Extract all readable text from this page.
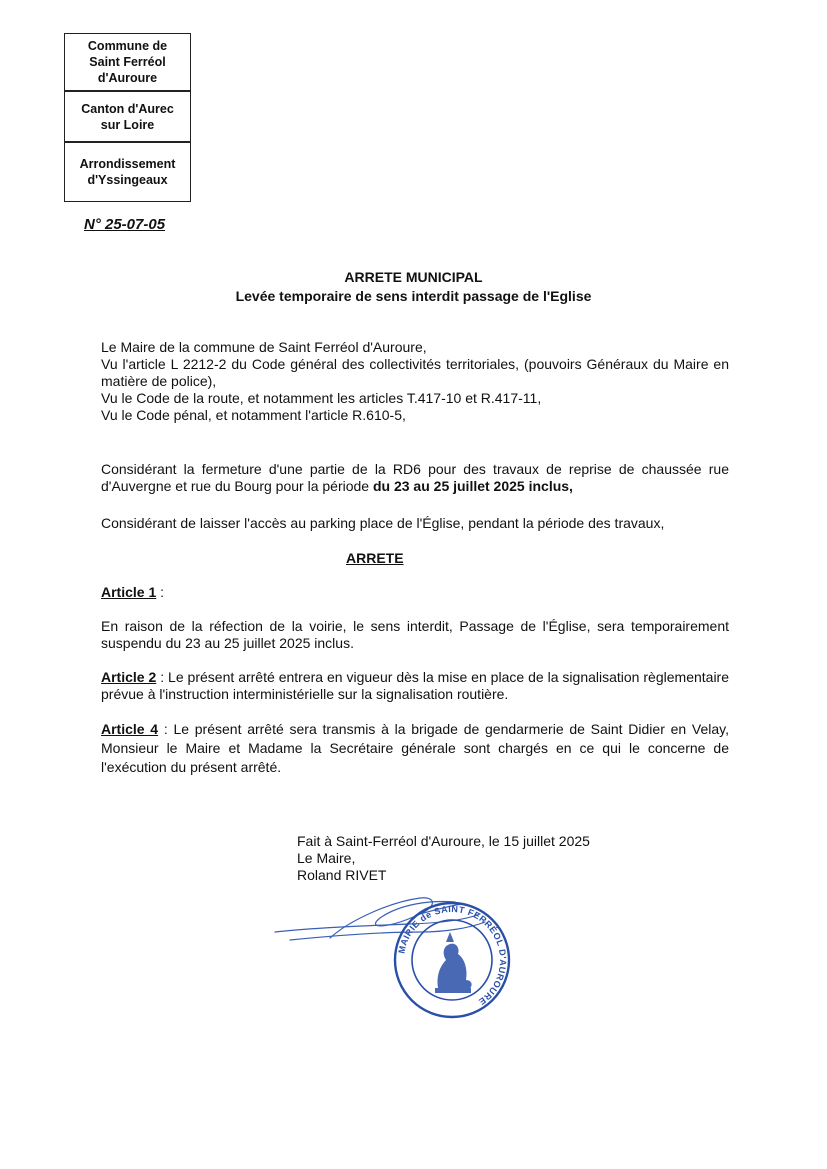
Commune de
Saint Ferréol
d'Auroure
Canton d'Aurec
sur Loire
Arrondissement
d'Yssingeaux
N° 25-07-05
ARRETE MUNICIPAL
Levée temporaire de sens interdit passage de l'Eglise
Le Maire de la commune de Saint Ferréol d'Auroure,
Vu l'article L 2212-2 du Code général des collectivités territoriales, (pouvoirs Généraux du Maire en matière de police),
Vu le Code de la route, et notamment les articles T.417-10 et R.417-11,
Vu le Code pénal, et notamment l'article R.610-5,
Considérant la fermeture d'une partie de la RD6 pour des travaux de reprise de chaussée rue d'Auvergne et rue du Bourg pour la période du 23 au 25 juillet 2025 inclus,
Considérant de laisser l'accès au parking place de l'Église, pendant la période des travaux,
ARRETE
Article 1 :
En raison de la réfection de la voirie, le sens interdit, Passage de l'Église, sera temporairement suspendu du 23 au 25 juillet 2025 inclus.
Article 2 : Le présent arrêté entrera en vigueur dès la mise en place de la signalisation règlementaire prévue à l'instruction interministérielle sur la signalisation routière.
Article 4 : Le présent arrêté sera transmis à la brigade de gendarmerie de Saint Didier en Velay, Monsieur le Maire et Madame la Secrétaire générale sont chargés en ce qui le concerne de l'exécution du présent arrêté.
Fait à Saint-Ferréol d'Auroure, le 15 juillet 2025
Le Maire,
Roland RIVET
MAIRIE de SAINT FERRÉOL D'AUROURE
